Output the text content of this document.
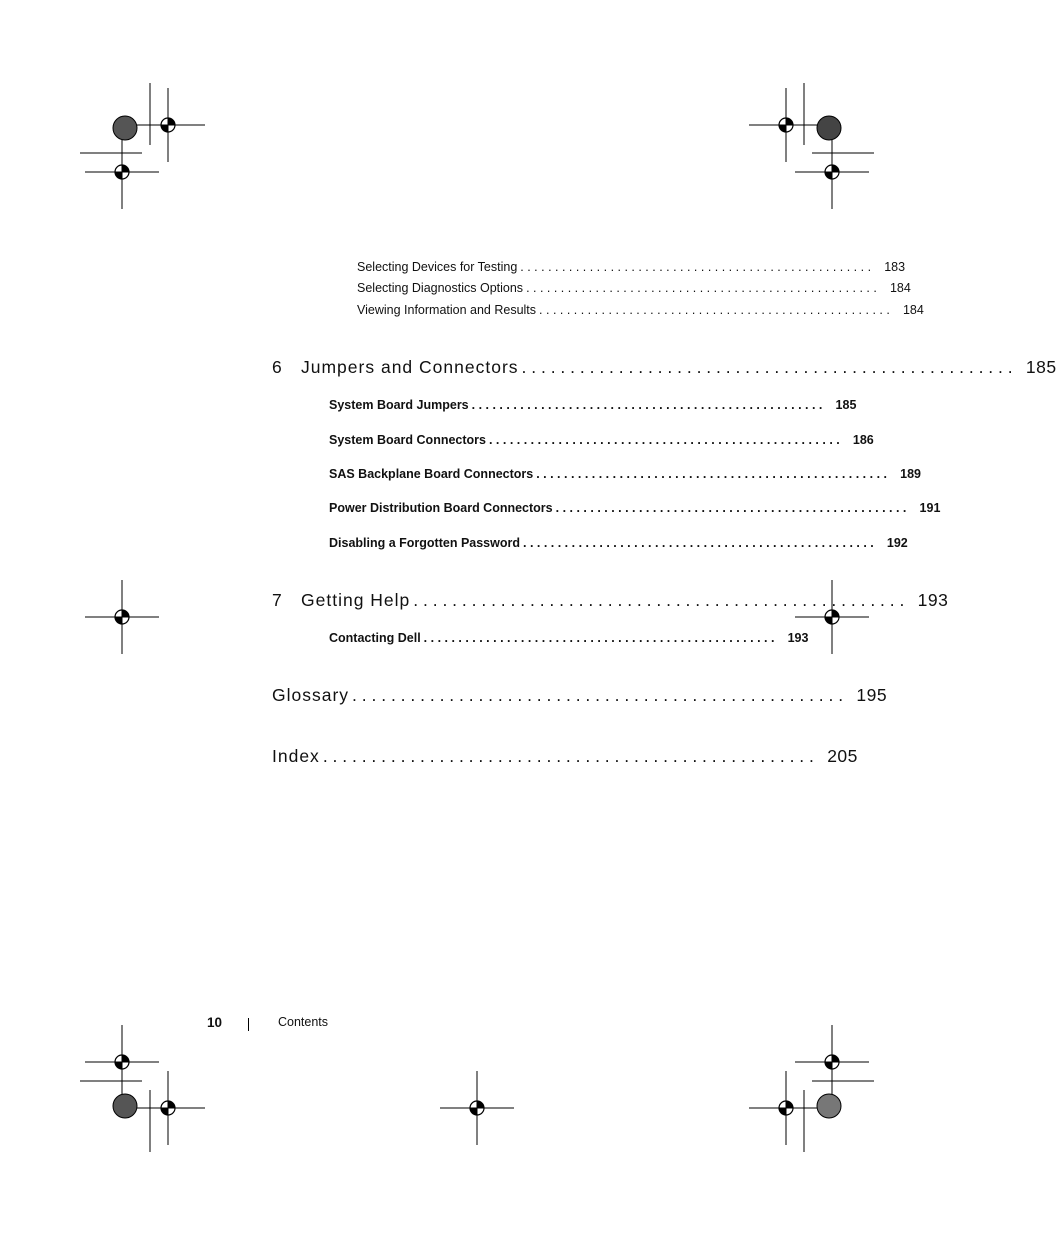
Selecting Devices for Testing . . . . . . . . . . . . . . . . . . . . . . . . . . . . . . . . . . . . . . . . . . . . . . . . . . .	183
Selecting Diagnostics Options . . . . . . . . . . . . . . . . . . . . . . . . . . . . . . . . . . . . . . . . . . . . . . . . . . .	184
Viewing Information and Results . . . . . . . . . . . . . . . . . . . . . . . . . . . . . . . . . . . . . . . . . . . . . . . . . . .	184
6 Jumpers and Connectors . . . . . . . . . . . . . . . . . . . . . . . . . . . . . . . . . . . . . . . . . . . . . . . . . . . 185
System Board Jumpers . . . . . . . . . . . . . . . . . . . . . . . . . . . . . . . . . . . . . . . . . . . . . . . . . . .	185
System Board Connectors . . . . . . . . . . . . . . . . . . . . . . . . . . . . . . . . . . . . . . . . . . . . . . . . . . .	186
SAS Backplane Board Connectors . . . . . . . . . . . . . . . . . . . . . . . . . . . . . . . . . . . . . . . . . . . . . . . . . . .	189
Power Distribution Board Connectors . . . . . . . . . . . . . . . . . . . . . . . . . . . . . . . . . . . . . . . . . . . . . . . . . . .	191
Disabling a Forgotten Password . . . . . . . . . . . . . . . . . . . . . . . . . . . . . . . . . . . . . . . . . . . . . . . . . . .	192
7 Getting Help . . . . . . . . . . . . . . . . . . . . . . . . . . . . . . . . . . . . . . . . . . . . . . . . . . . 193
Contacting Dell . . . . . . . . . . . . . . . . . . . . . . . . . . . . . . . . . . . . . . . . . . . . . . . . . . .	193
Glossary . . . . . . . . . . . . . . . . . . . . . . . . . . . . . . . . . . . . . . . . . . . . . . . . . . . 195
Index . . . . . . . . . . . . . . . . . . . . . . . . . . . . . . . . . . . . . . . . . . . . . . . . . . . 205
10	Contents
